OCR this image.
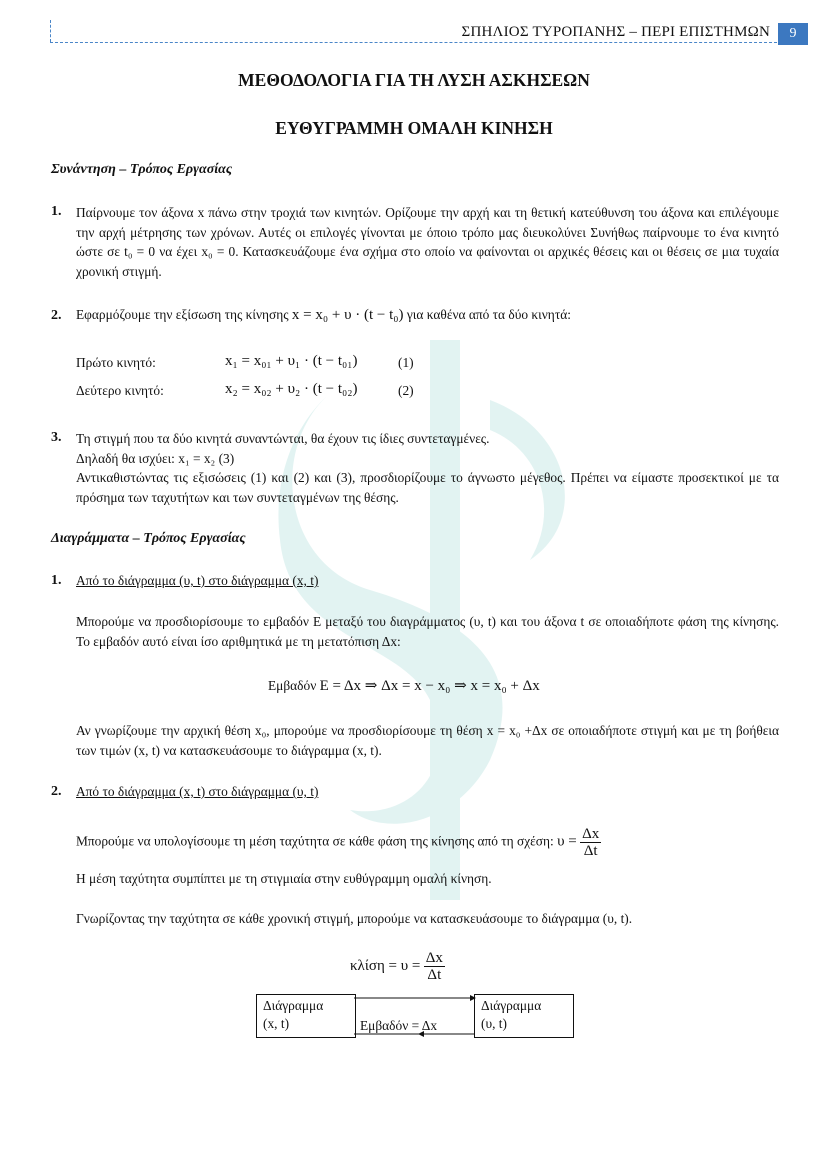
ΣΠΗΛΙΟΣ ΤΥΡΟΠΑΝΗΣ – ΠΕΡΙ ΕΠΙΣΤΗΜΩΝ	9
ΜΕΘΟΔΟΛΟΓΙΑ ΓΙΑ ΤΗ ΛΥΣΗ ΑΣΚΗΣΕΩΝ
ΕΥΘΥΓΡΑΜΜΗ ΟΜΑΛΗ ΚΙΝΗΣΗ
Συνάντηση – Τρόπος Εργασίας
1. Παίρνουμε τον άξονα x πάνω στην τροχιά των κινητών. Ορίζουμε την αρχή και τη θετική κατεύθυνση του άξονα και επιλέγουμε την αρχή μέτρησης των χρόνων. Αυτές οι επιλογές γίνονται με όποιο τρόπο μας διευκολύνει Συνήθως παίρνουμε το ένα κινητό ώστε σε t₀ = 0 να έχει x₀ = 0. Κατασκευάζουμε ένα σχήμα στο οποίο να φαίνονται οι αρχικές θέσεις και οι θέσεις σε μια τυχαία χρονική στιγμή.
2. Εφαρμόζουμε την εξίσωση της κίνησης x = x₀ + υ · (t − t₀) για καθένα από τα δύο κινητά:
Πρώτο κινητό:	x₁ = x₀₁ + υ₁ · (t − t₀₁)	(1)
Δεύτερο κινητό:	x₂ = x₀₂ + υ₂ · (t − t₀₂)	(2)
3. Τη στιγμή που τα δύο κινητά συναντώνται, θα έχουν τις ίδιες συντεταγμένες.
Δηλαδή θα ισχύει: x₁ = x₂ (3)
Αντικαθιστώντας τις εξισώσεις (1) και (2) και (3), προσδιορίζουμε το άγνωστο μέγεθος. Πρέπει να είμαστε προσεκτικοί με τα πρόσημα των ταχυτήτων και των συντεταγμένων της θέσης.
Διαγράμματα – Τρόπος Εργασίας
1. Από το διάγραμμα (υ, t) στο διάγραμμα (x, t)
Μπορούμε να προσδιορίσουμε το εμβαδόν Ε μεταξύ του διαγράμματος (υ, t) και του άξονα t σε οποιαδήποτε φάση της κίνησης. Το εμβαδόν αυτό είναι ίσο αριθμητικά με τη μετατόπιση Δx:
Εμβαδόν Ε = Δx ⇒ Δx = x − x₀ ⇒ x = x₀ + Δx
Αν γνωρίζουμε την αρχική θέση x₀, μπορούμε να προσδιορίσουμε τη θέση x = x₀ +Δx σε οποιαδήποτε στιγμή και με τη βοήθεια των τιμών (x, t) να κατασκευάσουμε το διάγραμμα (x, t).
2. Από το διάγραμμα (x, t) στο διάγραμμα (υ, t)
Μπορούμε να υπολογίσουμε τη μέση ταχύτητα σε κάθε φάση της κίνησης από τη σχέση: $\upsilon = \frac{\Delta x}{\Delta t}$
Η μέση ταχύτητα συμπίπτει με τη στιγμιαία στην ευθύγραμμη ομαλή κίνηση.
Γνωρίζοντας την ταχύτητα σε κάθε χρονική στιγμή, μπορούμε να κατασκευάσουμε το διάγραμμα (υ, t).
$\kappa\lambda ί\sigma\eta = \upsilon = \frac{\Delta x}{\Delta t}$
Διάγραμμα
(x, t)
Διάγραμμα
(υ, t)
Εμβαδόν = Δx
